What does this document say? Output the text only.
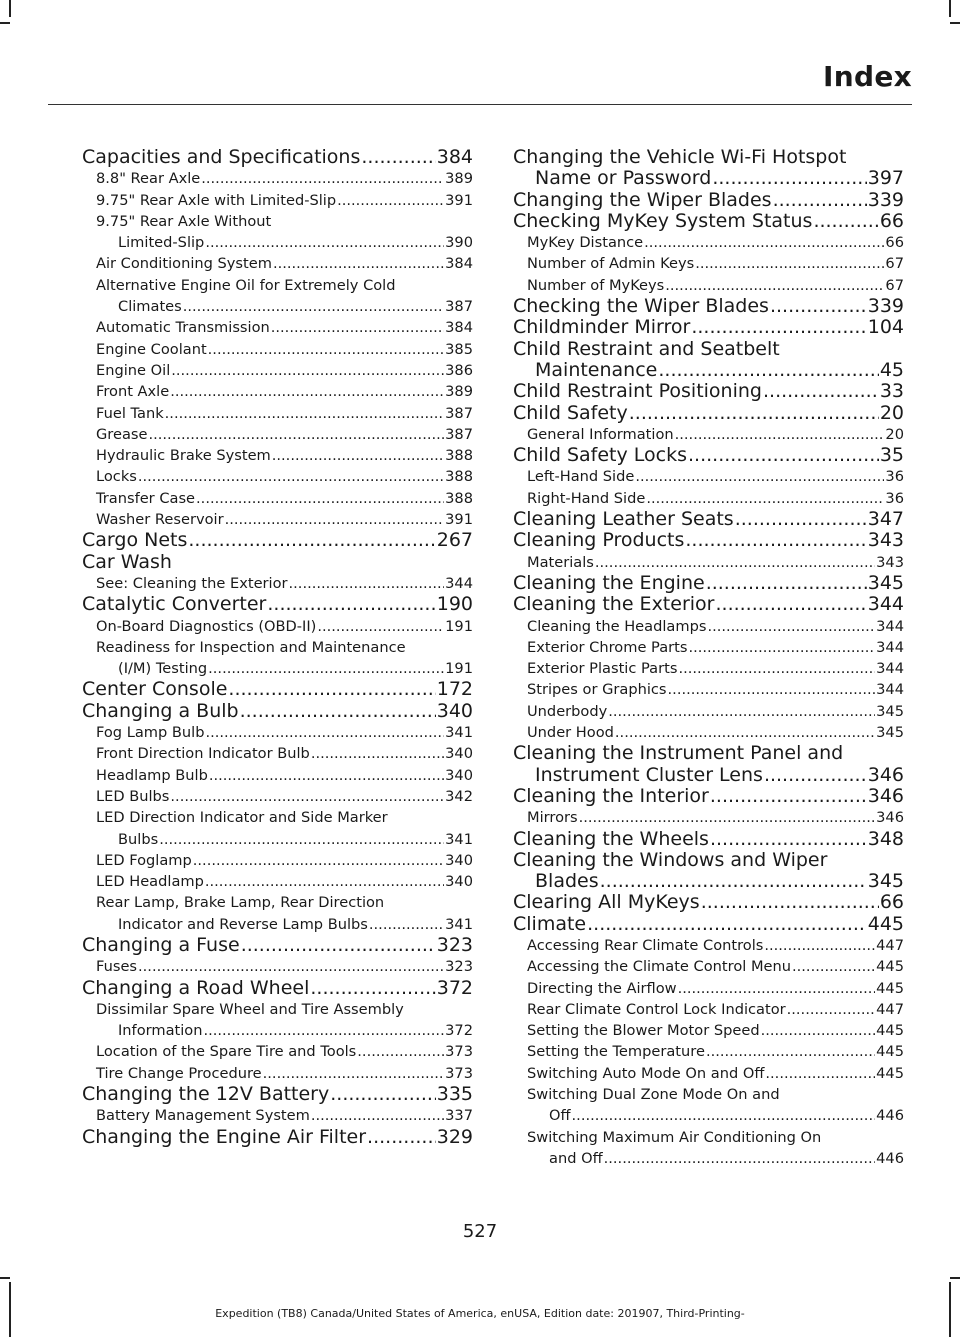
Index
Capacities and Specifications .....	384
8.8" Rear Axle .....	389
9.75" Rear Axle with Limited-Slip .....	391
9.75" Rear Axle Without
Limited-Slip .....	390
Air Conditioning System .....	384
Alternative Engine Oil for Extremely Cold
Climates .....	387
Automatic Transmission .....	384
Engine Coolant .....	385
Engine Oil .....	386
Front Axle .....	389
Fuel Tank .....	387
Grease .....	387
Hydraulic Brake System .....	388
Locks .....	388
Transfer Case .....	388
Washer Reservoir .....	391
Cargo Nets .....	267
Car Wash
See: Cleaning the Exterior .....	344
Catalytic Converter .....	190
On-Board Diagnostics (OBD-II) .....	191
Readiness for Inspection and Maintenance
(I/M) Testing .....	191
Center Console .....	172
Changing a Bulb .....	340
Fog Lamp Bulb .....	341
Front Direction Indicator Bulb .....	340
Headlamp Bulb .....	340
LED Bulbs .....	342
LED Direction Indicator and Side Marker
Bulbs .....	341
LED Foglamp .....	340
LED Headlamp .....	340
Rear Lamp, Brake Lamp, Rear Direction
Indicator and Reverse Lamp Bulbs .....	341
Changing a Fuse .....	323
Fuses .....	323
Changing a Road Wheel .....	372
Dissimilar Spare Wheel and Tire Assembly
Information .....	372
Location of the Spare Tire and Tools .....	373
Tire Change Procedure .....	373
Changing the 12V Battery .....	335
Battery Management System .....	337
Changing the Engine Air Filter .....	329
Changing the Vehicle Wi-Fi Hotspot
Name or Password .....	397
Changing the Wiper Blades .....	339
Checking MyKey System Status .....	66
MyKey Distance .....	66
Number of Admin Keys .....	67
Number of MyKeys .....	67
Checking the Wiper Blades .....	339
Childminder Mirror .....	104
Child Restraint and Seatbelt
Maintenance .....	45
Child Restraint Positioning .....	33
Child Safety .....	20
General Information .....	20
Child Safety Locks .....	35
Left-Hand Side .....	36
Right-Hand Side .....	36
Cleaning Leather Seats .....	347
Cleaning Products .....	343
Materials .....	343
Cleaning the Engine .....	345
Cleaning the Exterior .....	344
Cleaning the Headlamps .....	344
Exterior Chrome Parts .....	344
Exterior Plastic Parts .....	344
Stripes or Graphics .....	344
Underbody .....	345
Under Hood .....	345
Cleaning the Instrument Panel and
Instrument Cluster Lens .....	346
Cleaning the Interior .....	346
Mirrors .....	346
Cleaning the Wheels .....	348
Cleaning the Windows and Wiper
Blades .....	345
Clearing All MyKeys .....	66
Climate .....	445
Accessing Rear Climate Controls .....	447
Accessing the Climate Control Menu .....	445
Directing the Airflow .....	445
Rear Climate Control Lock Indicator .....	447
Setting the Blower Motor Speed .....	445
Setting the Temperature .....	445
Switching Auto Mode On and Off .....	445
Switching Dual Zone Mode On and
Off .....	446
Switching Maximum Air Conditioning On
and Off .....	446
527
Expedition (TB8) Canada/United States of America, enUSA, Edition date: 201907, Third-Printing-
